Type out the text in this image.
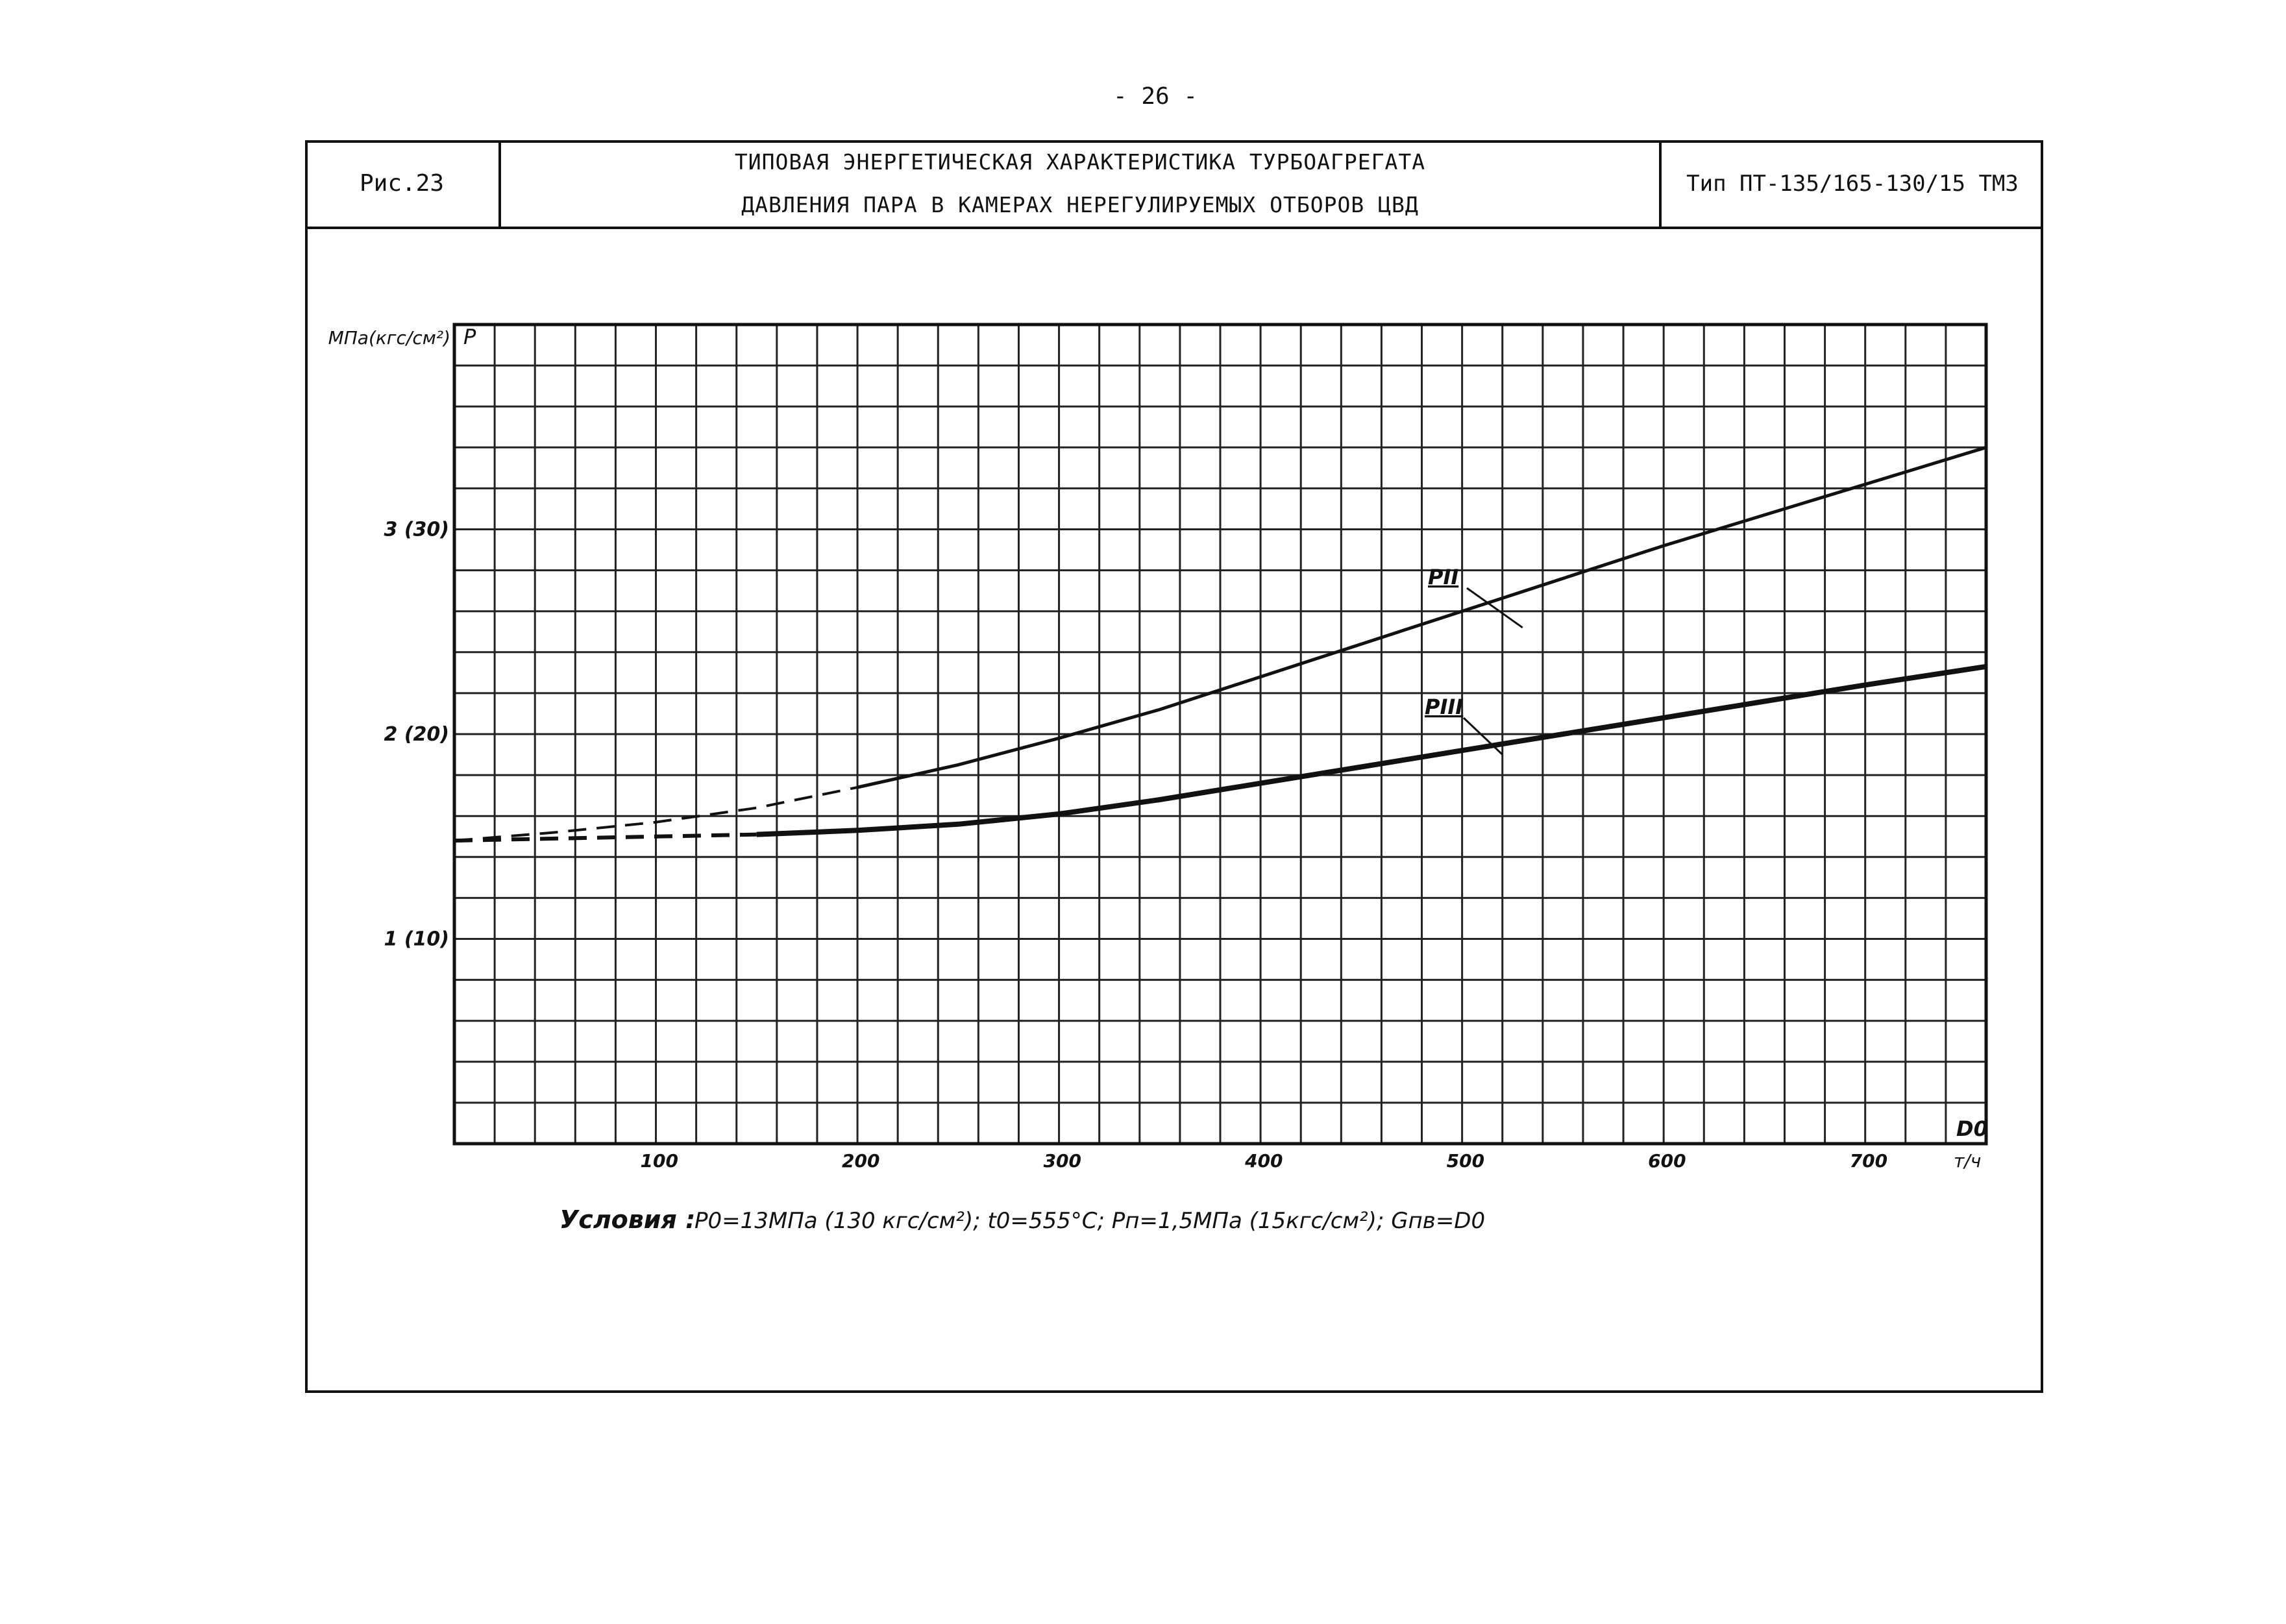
- 26 -
Рис.23
ТИПОВАЯ ЭНЕРГЕТИЧЕСКАЯ ХАРАКТЕРИСТИКА ТУРБОАГРЕГАТА
ДАВЛЕНИЯ ПАРА В КАМЕРАХ НЕРЕГУЛИРУЕМЫХ ОТБОРОВ ЦВД
Тип ПТ-135/165-130/15 ТМЗ
МПа(кгс/см²) P
D0
т/ч
100	200	300	400	500	600	700
1 (10)
2 (20)
3 (30)
PII
PIII
Условия :
P0=13МПа (130 кгс/см²); t0=555°C; Pп=1,5МПа (15кгс/см²); Gпв=D0
